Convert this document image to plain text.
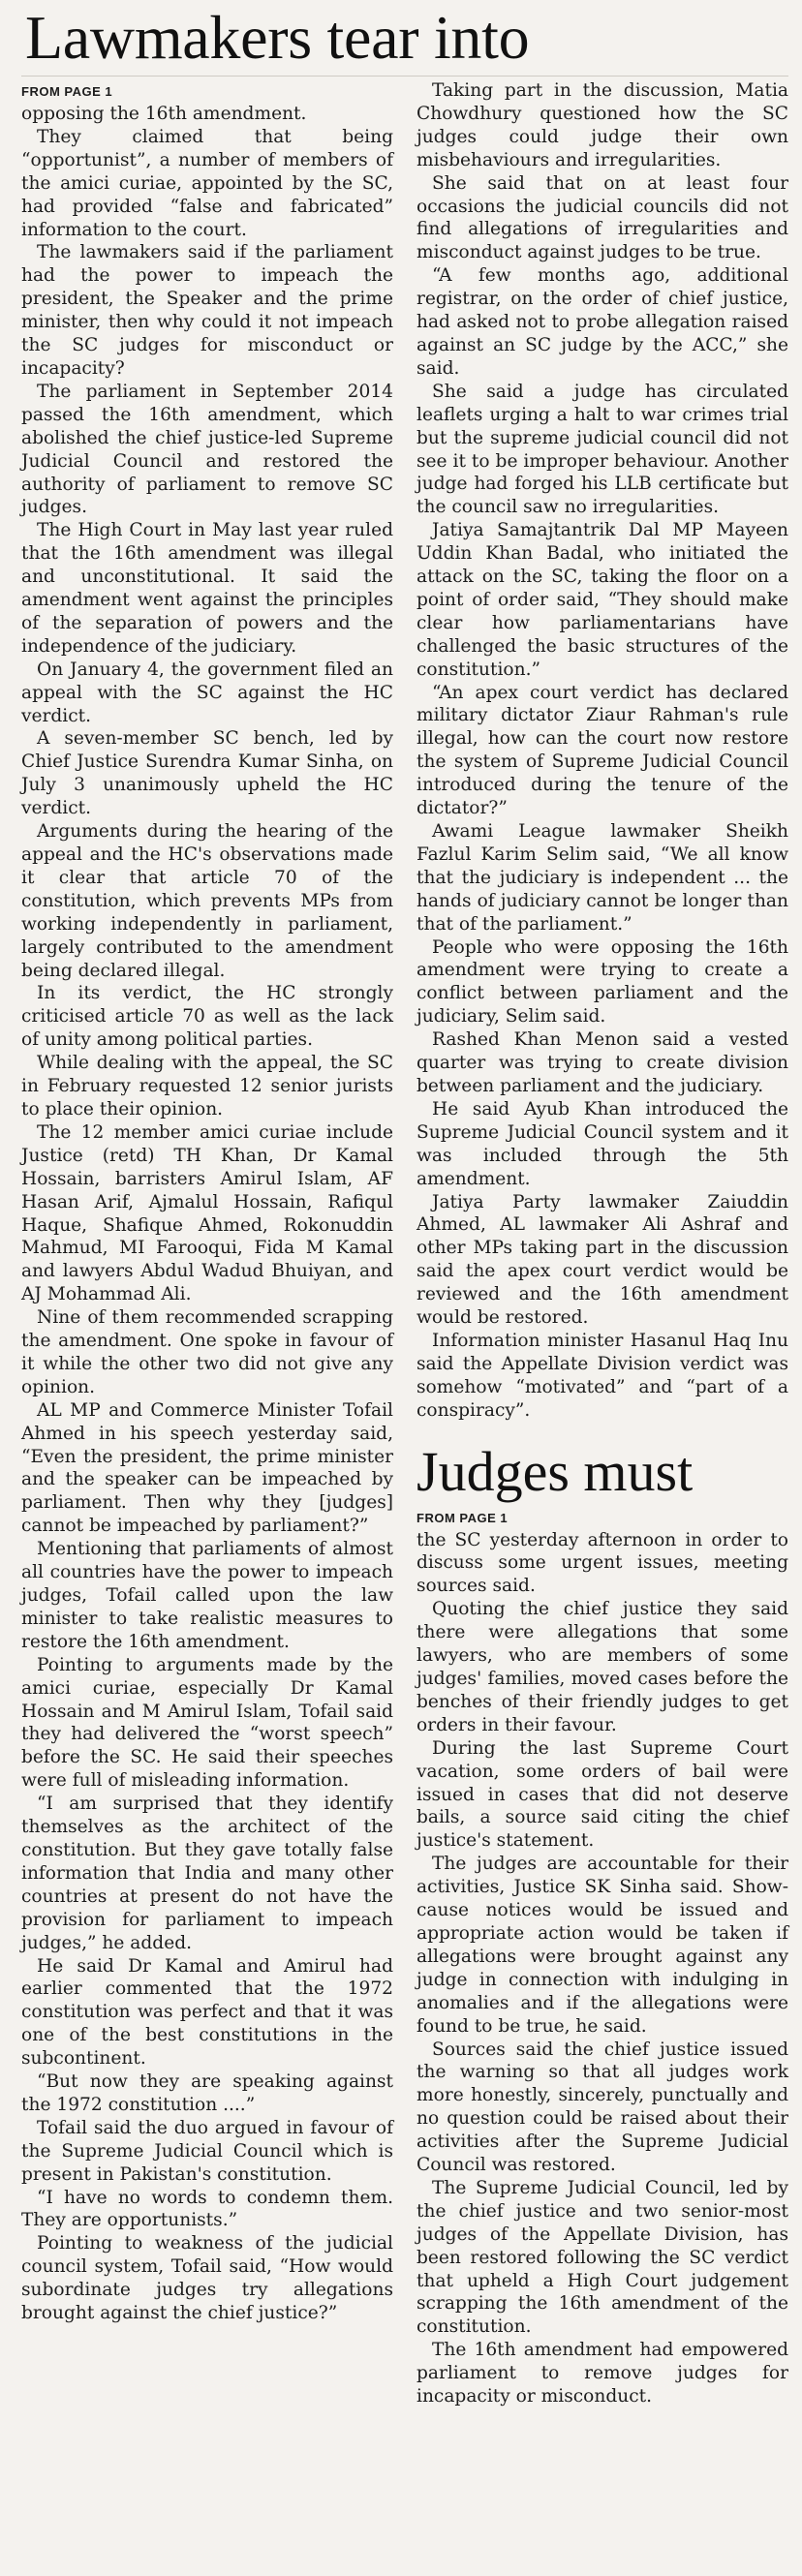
Lawmakers tear into
FROM PAGE 1

opposing the 16th amendment.

They claimed that being “opportunist”, a number of members of the amici curiae, appointed by the SC, had provided “false and fabricated” information to the court.

The lawmakers said if the parliament had the power to impeach the president, the Speaker and the prime minister, then why could it not impeach the SC judges for misconduct or incapacity?

The parliament in September 2014 passed the 16th amendment, which abolished the chief justice-led Supreme Judicial Council and restored the authority of parliament to remove SC judges.

The High Court in May last year ruled that the 16th amendment was illegal and unconstitutional. It said the amendment went against the principles of the separation of powers and the independence of the judiciary.

On January 4, the government filed an appeal with the SC against the HC verdict.

A seven-member SC bench, led by Chief Justice Surendra Kumar Sinha, on July 3 unanimously upheld the HC verdict.

Arguments during the hearing of the appeal and the HC's observations made it clear that article 70 of the constitution, which prevents MPs from working independently in parliament, largely contributed to the amendment being declared illegal.

In its verdict, the HC strongly criticised article 70 as well as the lack of unity among political parties.

While dealing with the appeal, the SC in February requested 12 senior jurists to place their opinion.

The 12 member amici curiae include Justice (retd) TH Khan, Dr Kamal Hossain, barristers Amirul Islam, AF Hasan Arif, Ajmalul Hossain, Rafiqul Haque, Shafique Ahmed, Rokonuddin Mahmud, MI Farooqui, Fida M Kamal and lawyers Abdul Wadud Bhuiyan, and AJ Mohammad Ali.

Nine of them recommended scrapping the amendment. One spoke in favour of it while the other two did not give any opinion.

AL MP and Commerce Minister Tofail Ahmed in his speech yesterday said, “Even the president, the prime minister and the speaker can be impeached by parliament. Then why they [judges] cannot be impeached by parliament?”

Mentioning that parliaments of almost all countries have the power to impeach judges, Tofail called upon the law minister to take realistic measures to restore the 16th amendment.

Pointing to arguments made by the amici curiae, especially Dr Kamal Hossain and M Amirul Islam, Tofail said they had delivered the “worst speech” before the SC. He said their speeches were full of misleading information.

“I am surprised that they identify themselves as the architect of the constitution. But they gave totally false information that India and many other countries at present do not have the provision for parliament to impeach judges,” he added.

He said Dr Kamal and Amirul had earlier commented that the 1972 constitution was perfect and that it was one of the best constitutions in the subcontinent.

“But now they are speaking against the 1972 constitution ....”

Tofail said the duo argued in favour of the Supreme Judicial Council which is present in Pakistan's constitution.

“I have no words to condemn them. They are opportunists.”

Pointing to weakness of the judicial council system, Tofail said, “How would subordinate judges try allegations brought against the chief justice?”

Taking part in the discussion, Matia Chowdhury questioned how the SC judges could judge their own misbehaviours and irregularities.

She said that on at least four occasions the judicial councils did not find allegations of irregularities and misconduct against judges to be true.

“A few months ago, additional registrar, on the order of chief justice, had asked not to probe allegation raised against an SC judge by the ACC,” she said.

She said a judge has circulated leaflets urging a halt to war crimes trial but the supreme judicial council did not see it to be improper behaviour. Another judge had forged his LLB certificate but the council saw no irregularities.

Jatiya Samajtantrik Dal MP Mayeen Uddin Khan Badal, who initiated the attack on the SC, taking the floor on a point of order said, “They should make clear how parliamentarians have challenged the basic structures of the constitution.”

“An apex court verdict has declared military dictator Ziaur Rahman's rule illegal, how can the court now restore the system of Supreme Judicial Council introduced during the tenure of the dictator?”

Awami League lawmaker Sheikh Fazlul Karim Selim said, “We all know that the judiciary is independent ... the hands of judiciary cannot be longer than that of the parliament.”

People who were opposing the 16th amendment were trying to create a conflict between parliament and the judiciary, Selim said.

Rashed Khan Menon said a vested quarter was trying to create division between parliament and the judiciary.

He said Ayub Khan introduced the Supreme Judicial Council system and it was included through the 5th amendment.

Jatiya Party lawmaker Zaiuddin Ahmed, AL lawmaker Ali Ashraf and other MPs taking part in the discussion said the apex court verdict would be reviewed and the 16th amendment would be restored.

Information minister Hasanul Haq Inu said the Appellate Division verdict was somehow “motivated” and “part of a conspiracy”.

Judges must
FROM PAGE 1

the SC yesterday afternoon in order to discuss some urgent issues, meeting sources said.

Quoting the chief justice they said there were allegations that some lawyers, who are members of some judges' families, moved cases before the benches of their friendly judges to get orders in their favour.

During the last Supreme Court vacation, some orders of bail were issued in cases that did not deserve bails, a source said citing the chief justice's statement.

The judges are accountable for their activities, Justice SK Sinha said. Show-cause notices would be issued and appropriate action would be taken if allegations were brought against any judge in connection with indulging in anomalies and if the allegations were found to be true, he said.

Sources said the chief justice issued the warning so that all judges work more honestly, sincerely, punctually and no question could be raised about their activities after the Supreme Judicial Council was restored.

The Supreme Judicial Council, led by the chief justice and two senior-most judges of the Appellate Division, has been restored following the SC verdict that upheld a High Court judgement scrapping the 16th amendment of the constitution.

The 16th amendment had empowered parliament to remove judges for incapacity or misconduct.
